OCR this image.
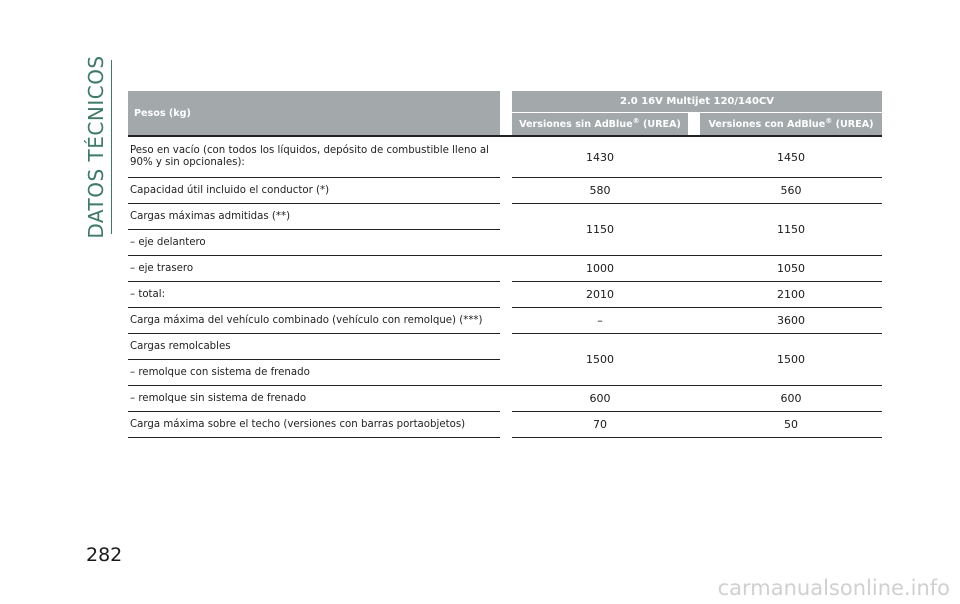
DATOS TÉCNICOS	Pesos (kg)		2.0 16V Multijet 120/140CV		
		Versiones sin AdBlue® (UREA)		Versiones con AdBlue® (UREA)
Peso en vacío (con todos los líquidos, depósito de combustible lleno al 90% y sin opcionales):		1430		1450
Capacidad útil incluido el conductor (*)		580		560
Cargas máximas admitidas (**)		1150		1150
– eje delantero				
– eje trasero		1000		1050
– total:		2010		2100
Carga máxima del vehículo combinado (vehículo con remolque) (***)		–		3600
Cargas remolcables		1500		1500
– remolque con sistema de frenado				
– remolque sin sistema de frenado		600		600
Carga máxima sobre el techo (versiones con barras portaobjetos)		70		50
282
carmanualsonline.info
